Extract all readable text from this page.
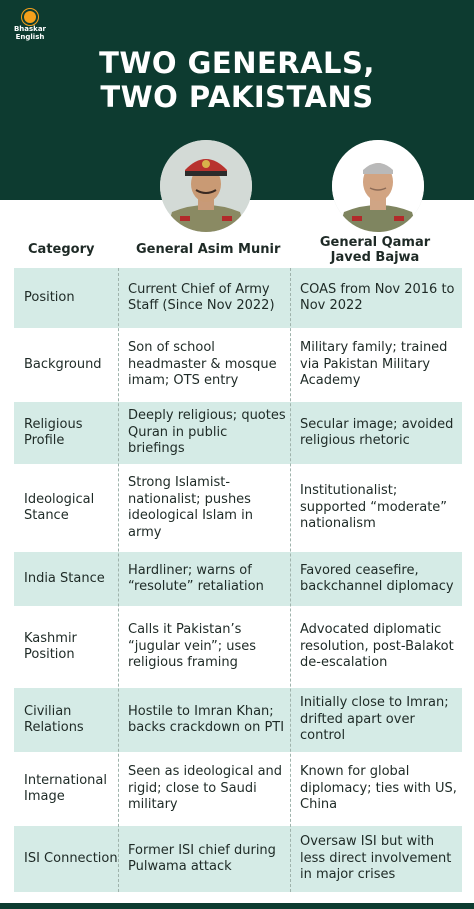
Bhaskar
English
TWO GENERALS,
TWO PAKISTANS
Category	General Asim Munir	General Qamar Javed Bajwa
Position
Current Chief of Army Staff (Since Nov 2022)
COAS from Nov 2016 to Nov 2022
Background
Son of school headmaster & mosque imam; OTS entry
Military family; trained via Pakistan Military Academy
Religious Profile
Deeply religious; quotes Quran in public briefings
Secular image; avoided religious rhetoric
Ideological Stance
Strong Islamist-nationalist; pushes ideological Islam in army
Institutionalist; supported “moderate” nationalism
India Stance
Hardliner; warns of “resolute” retaliation
Favored ceasefire, backchannel diplomacy
Kashmir Position
Calls it Pakistan’s “jugular vein”; uses religious framing
Advocated diplomatic resolution, post-Balakot de-escalation
Civilian Relations
Hostile to Imran Khan; backs crackdown on PTI
Initially close to Imran; drifted apart over control
International Image
Seen as ideological and rigid; close to Saudi military
Known for global diplomacy; ties with US, China
ISI Connection
Former ISI chief during Pulwama attack
Oversaw ISI but with less direct involvement in major crises
